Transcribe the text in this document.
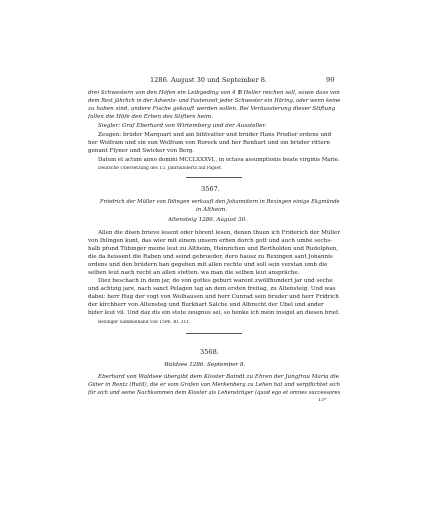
1286. August 30 und September 8.	99
drei Schwestern von den Höfen ein Leibgeding von 4 ℔ Heller reichen soll, sowie dass von
dem Rest jährlich in der Advents- und Fastenzeit jeder Schwester ein Häring, oder wenn keine
zu haben sind, andere Fische gekauft werden sollen. Bei Veräusslerung dieser Stiftung
fallen die Höfe den Erben des Stifters heim.
Siegler: Graf Eberhard von Wirtemberg und der Aussteller.
Zeugen: brûder Marquart und ain bihtvatter und brûder Hans Predier ordens und
her Wolfram und sin sun Wolfram von Roreck und her Renhart und sin brûder rittern
genant Flyner und Swicker von Berg.
Datum et actum anno domini MCCLXXXVI., in octava assumptionis beate virginis Marie.
Deutsche Übersetzung des 15. Jahrhunderts auf Papier.
3567.
Friedrich der Müller von Iblingen verkauft den Johannitern in Rexingen einige Ekgmünde
in Altheim.
Altensteig 1286. August 30.
Allen die disen brieve lesent oder hörent lesen, denen thuen ich Friderich der Müller
von Ihlingen kunt, das wier mit einem unsern erben dorch gott und auch umbe sechs-
halb pfund Tübinger meine leut zu Altheim, Heinrichen und Bertholden und Rudolphen,
die da heissent die Raben und seind gebrueder, dero hausz zu Rexingen sant Johannis
ordens und den brüdern han gegeben mit allen rechte und soll sein verstan umb die
selben leut nach recht an allen stetten, wa man die selben leut anspräche.
Diez beschach in dem jar, do von gottes geburt warent zwölfhundert jar und seche
und achtzig jare, nach sanct Pelagen tag an dem ersten freitag, zu Altensteig. Und was
dabei: herr Hug der vogt von Wolhausen und herr Cunrad sein bruder und herr Fridrich
der kirchherr von Altensteg und Burkhart Salche und Albrecht der Übel und ander
bider leut vil. Und daz dis ein stete zeugnus sei, so henke ich mein insigel an diesen brief.
Rexinger Sammelband von 1596, Bl. 311.
3568.
Waldsee 1286. September 8.
Eberhard von Waldsee übergibt dem Kloster Baindt zu Ehren der Jungfrau Maria die
Güter in Rentz (Rutil), die er vom Grafen von Merkenberg zu Lehen hat und verpflichtet sich
für sich und seine Nachkommen dem Kloster als Lehensträger (quod ego et omnes successores
13*
